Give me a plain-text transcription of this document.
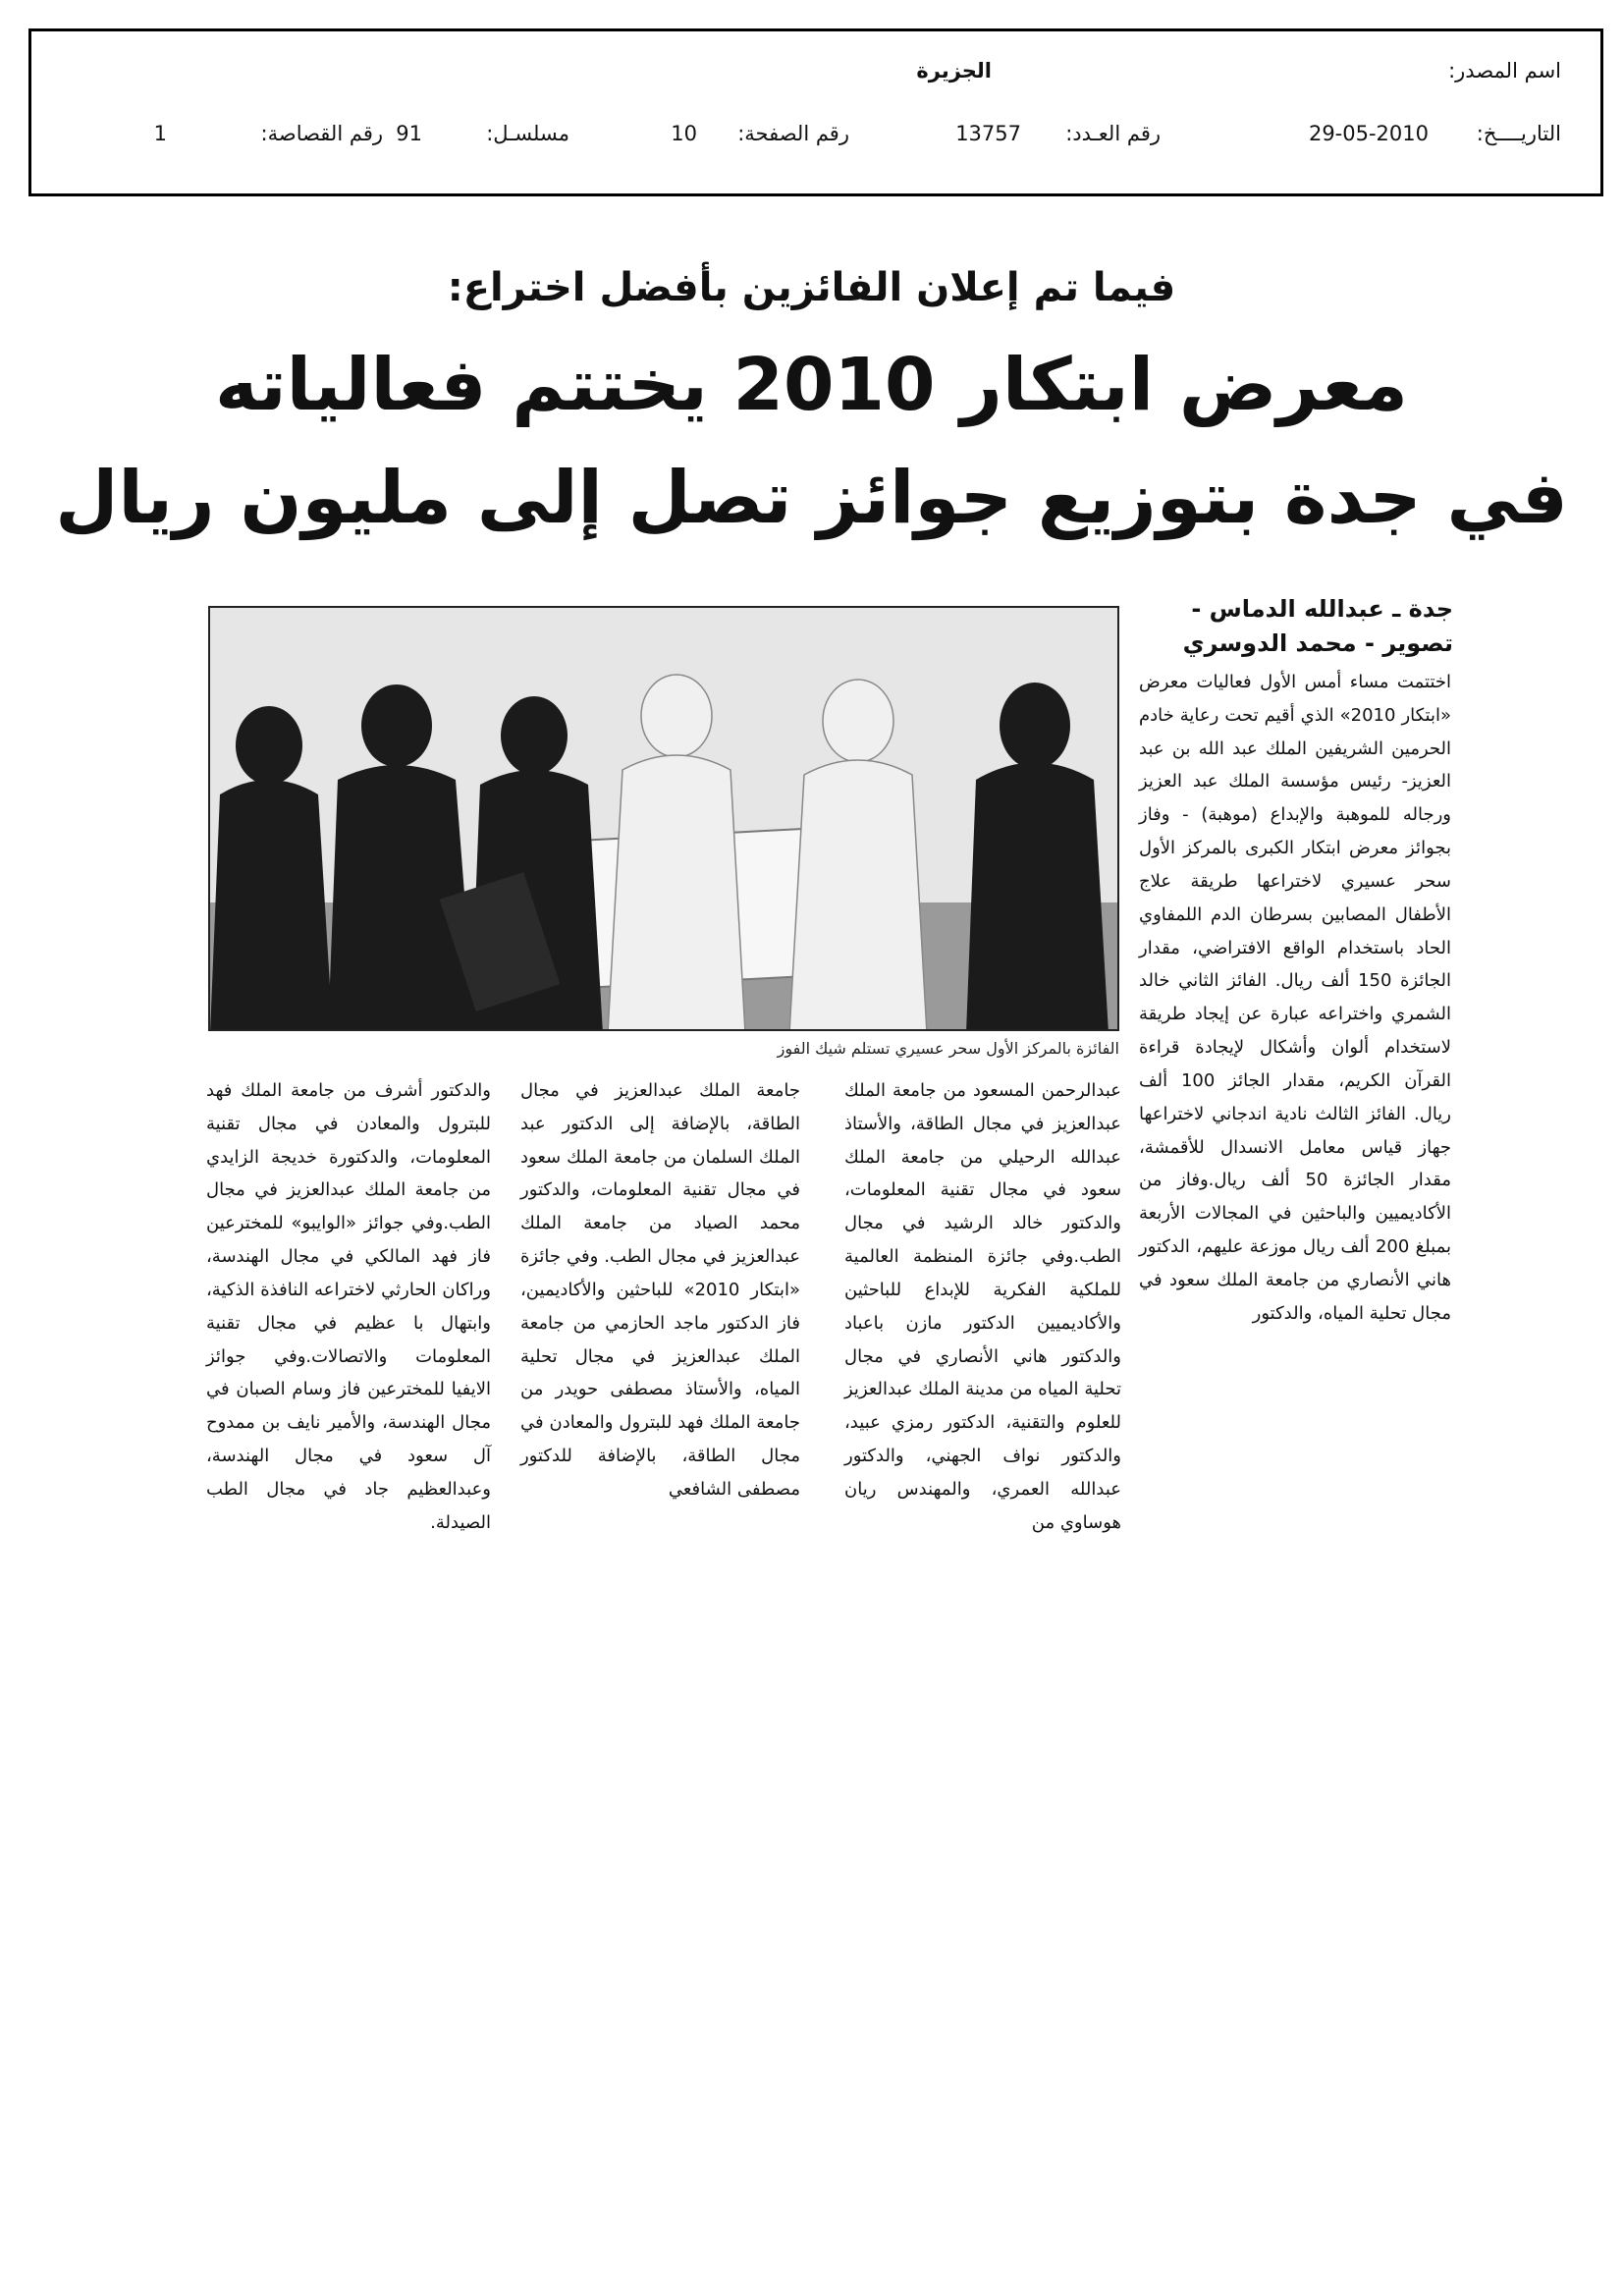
اسم المصدر:
الجزيرة
التاريــــخ:
29-05-2010
رقم العـدد:
13757
رقم الصفحة:
10
مسلسـل:
91
رقم القصاصة:
1
فيما تم إعلان الفائزين بأفضل اختراع:
معرض ابتكار 2010 يختتم فعالياته
في جدة بتوزيع جوائز تصل إلى مليون ريال
جدة ـ عبدالله الدماس - تصوير - محمد الدوسري
اختتمت مساء أمس الأول فعاليات معرض «ابتكار 2010» الذي أقيم تحت رعاية خادم الحرمين الشريفين الملك عبد الله بن عبد العزيز- رئيس مؤسسة الملك عبد العزيز ورجاله للموهبة والإبداع (موهبة) - وفاز بجوائز معرض ابتكار الكبرى بالمركز الأول سحر عسيري لاختراعها طريقة علاج الأطفال المصابين بسرطان الدم اللمفاوي الحاد باستخدام الواقع الافتراضي، مقدار الجائزة 150 ألف ريال. الفائز الثاني خالد الشمري واختراعه عبارة عن إيجاد طريقة لاستخدام ألوان وأشكال لإيجادة قراءة القرآن الكريم، مقدار الجائز 100 ألف ريال. الفائز الثالث نادية اندجاني لاختراعها جهاز قياس معامل الانسدال للأقمشة، مقدار الجائزة 50 ألف ريال.وفاز من الأكاديميين والباحثين في المجالات الأربعة بمبلغ 200 ألف ريال موزعة عليهم، الدكتور هاني الأنصاري من جامعة الملك سعود في مجال تحلية المياه، والدكتور
الفائزة بالمركز الأول سحر عسيري تستلم شيك الفوز
عبدالرحمن المسعود من جامعة الملك عبدالعزيز في مجال الطاقة، والأستاذ عبدالله الرحيلي من جامعة الملك سعود في مجال تقنية المعلومات، والدكتور خالد الرشيد في مجال الطب.وفي جائزة المنظمة العالمية للملكية الفكرية للإبداع للباحثين والأكاديميين الدكتور مازن باعباد والدكتور هاني الأنصاري في مجال تحلية المياه من مدينة الملك عبدالعزيز للعلوم والتقنية، الدكتور رمزي عبيد، والدكتور نواف الجهني، والدكتور عبدالله العمري، والمهندس ريان هوساوي من
جامعة الملك عبدالعزيز في مجال الطاقة، بالإضافة إلى الدكتور عبد الملك السلمان من جامعة الملك سعود في مجال تقنية المعلومات، والدكتور محمد الصياد من جامعة الملك عبدالعزيز في مجال الطب. وفي جائزة «ابتكار 2010» للباحثين والأكاديمين، فاز الدكتور ماجد الحازمي من جامعة الملك عبدالعزيز في مجال تحلية المياه، والأستاذ مصطفى حويدر من جامعة الملك فهد للبترول والمعادن في مجال الطاقة، بالإضافة للدكتور مصطفى الشافعي
والدكتور أشرف من جامعة الملك فهد للبترول والمعادن في مجال تقنية المعلومات، والدكتورة خديجة الزايدي من جامعة الملك عبدالعزيز في مجال الطب.وفي جوائز «الوايبو» للمخترعين فاز فهد المالكي في مجال الهندسة، وراكان الحارثي لاختراعه النافذة الذكية، وابتهال با عظيم في مجال تقنية المعلومات والاتصالات.وفي جوائز الايفيا للمخترعين فاز وسام الصبان في مجال الهندسة، والأمير نايف بن ممدوح آل سعود في مجال الهندسة، وعبدالعظيم جاد في مجال الطب الصيدلة.
